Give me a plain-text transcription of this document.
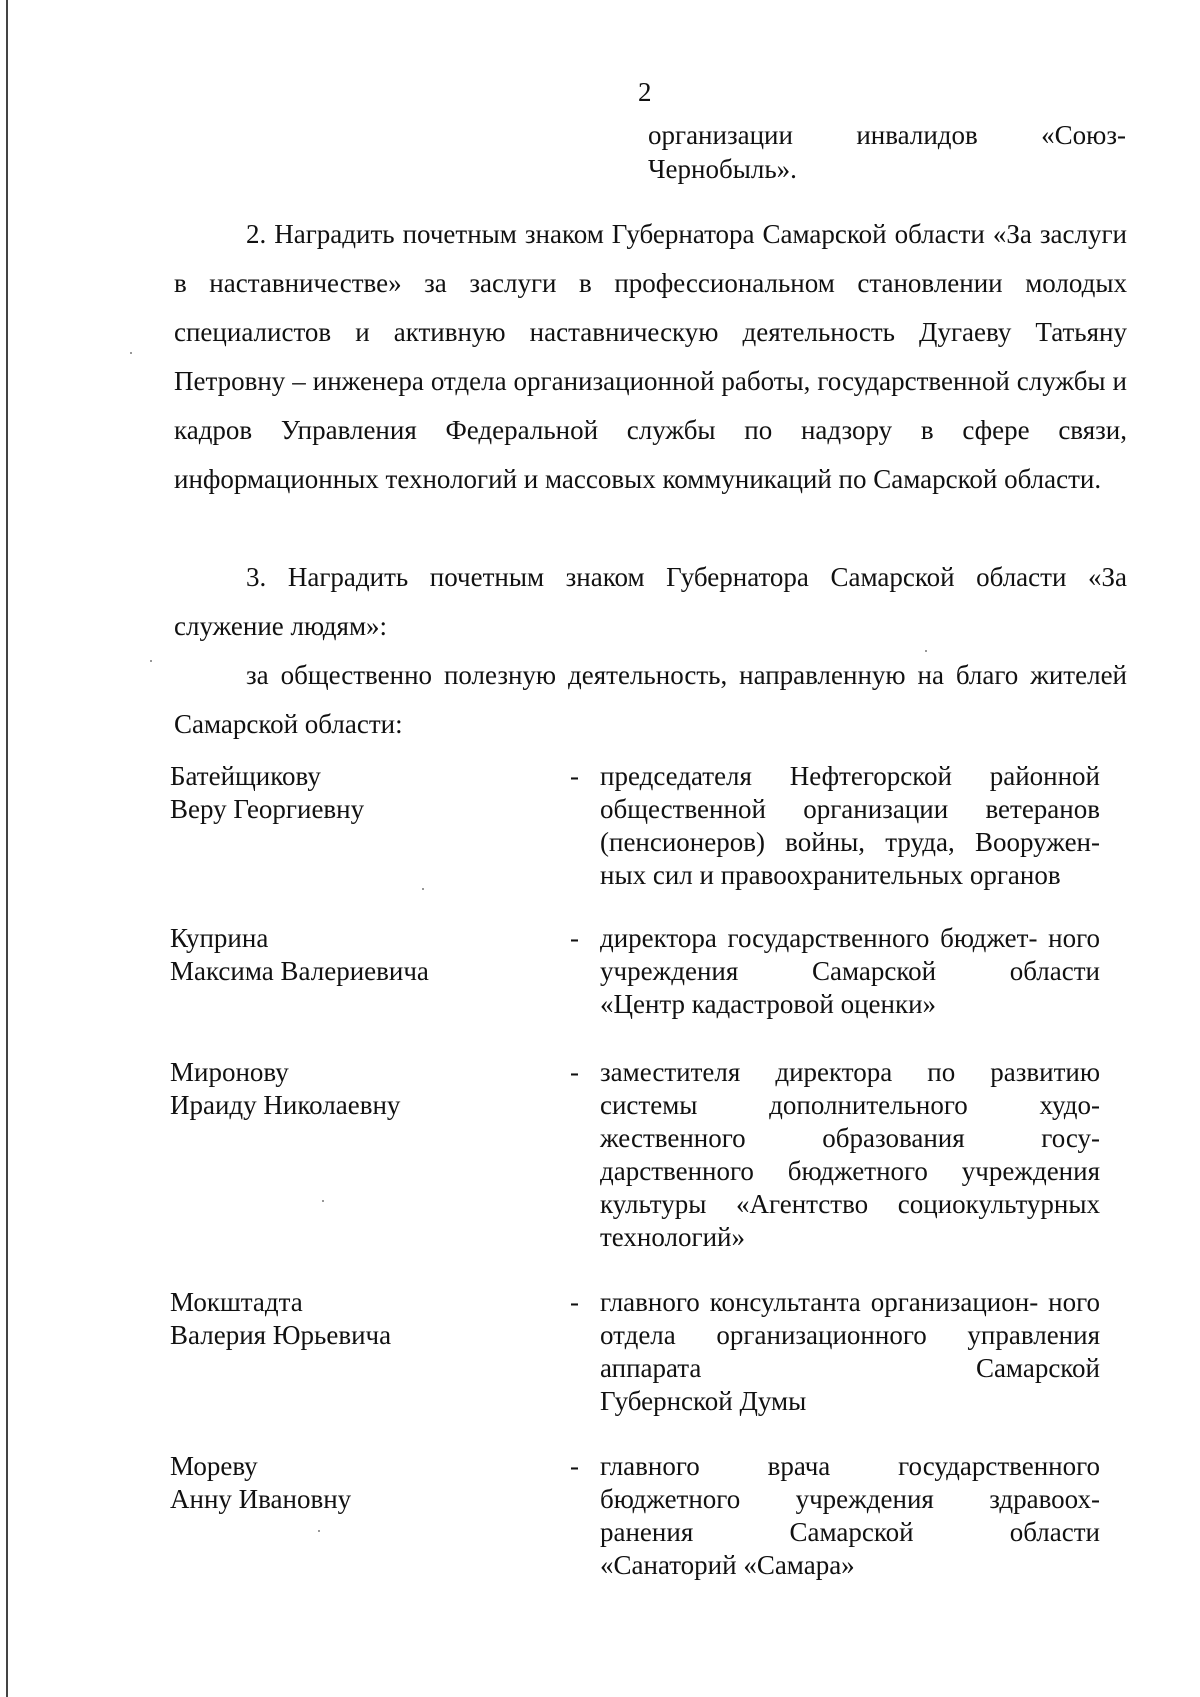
2
организации инвалидов «Союз-
Чернобыль».

2. Наградить почетным знаком Губернатора Самарской области «За заслуги в наставничестве» за заслуги в профессиональном становлении молодых специалистов и активную наставническую деятельность Дугаеву Татьяну Петровну – инженера отдела организационной работы, государственной службы и кадров Управления Федеральной службы по надзору в сфере связи, информационных технологий и массовых коммуникаций по Самарской области.

3. Наградить почетным знаком Губернатора Самарской области «За служение людям»:

за общественно полезную деятельность, направленную на благо жителей Самарской области:

Батейщикову
Веру Георгиевну
- председателя Нефтегорской районной общественной организации ветеранов (пенсионеров) войны, труда, Вооружен-
ных сил и правоохранительных органов
Куприна
Максима Валериевича
- директора государственного бюджет- ного учреждения Самарской области
«Центр кадастровой оценки»
Миронову
Ираиду Николаевну
- заместителя директора по развитию системы дополнительного худо- жественного образования госу- дарственного бюджетного учреждения культуры «Агентство социокультурных
технологий»
Мокштадта
Валерия Юрьевича
- главного консультанта организацион- ного отдела организационного управления аппарата Самарской
Губернской Думы
Мореву
Анну Ивановну
- главного врача государственного бюджетного учреждения здравоох- ранения Самарской области
«Санаторий «Самара»
